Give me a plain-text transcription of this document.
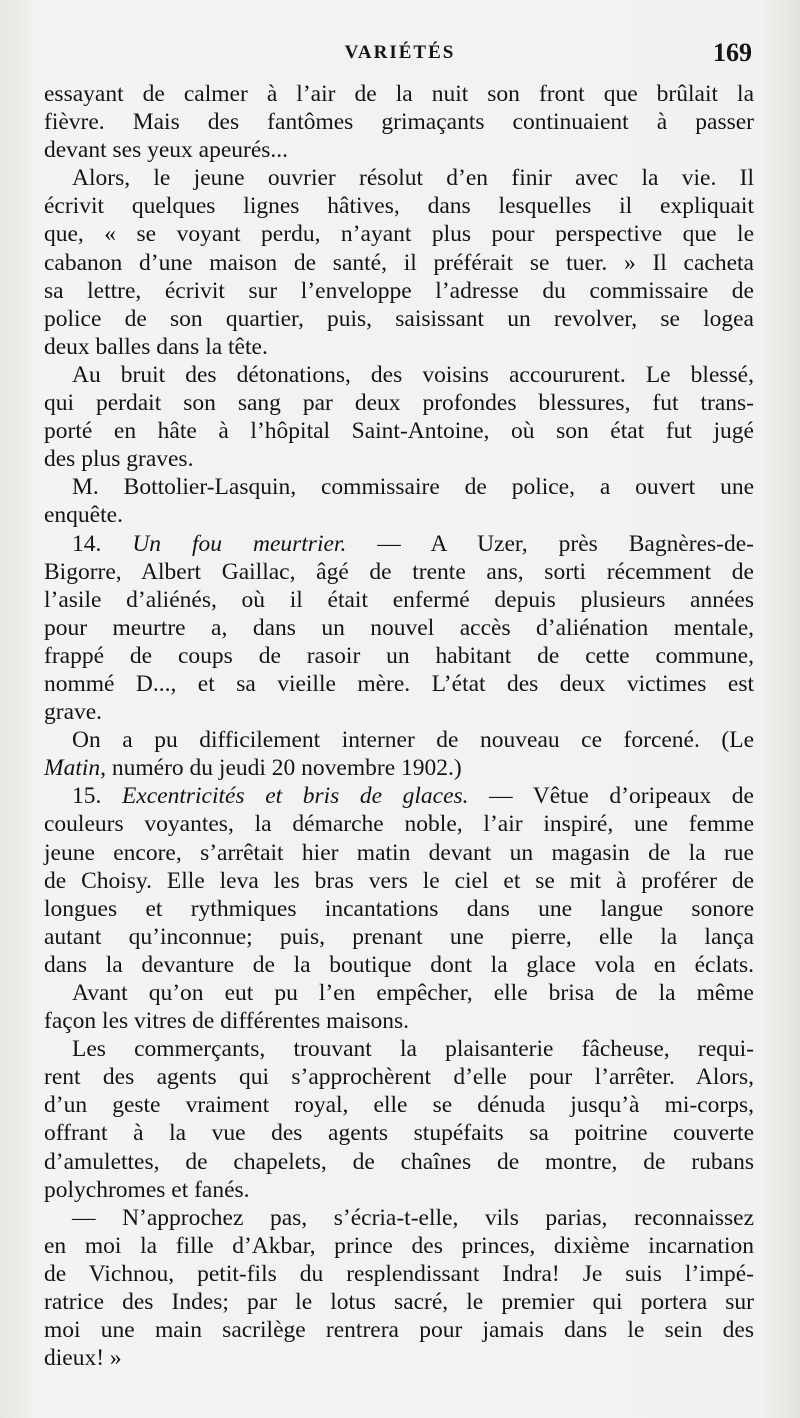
VARIÉTÉS	169
essayant de calmer à l’air de la nuit son front que brûlait la
fièvre. Mais des fantômes grimaçants continuaient à passer
devant ses yeux apeurés...
Alors, le jeune ouvrier résolut d’en finir avec la vie. Il
écrivit quelques lignes hâtives, dans lesquelles il expliquait
que, « se voyant perdu, n’ayant plus pour perspective que le
cabanon d’une maison de santé, il préférait se tuer. » Il cacheta
sa lettre, écrivit sur l’enveloppe l’adresse du commissaire de
police de son quartier, puis, saisissant un revolver, se logea
deux balles dans la tête.
Au bruit des détonations, des voisins accoururent. Le blessé,
qui perdait son sang par deux profondes blessures, fut trans-
porté en hâte à l’hôpital Saint-Antoine, où son état fut jugé
des plus graves.
M. Bottolier-Lasquin, commissaire de police, a ouvert une
enquête.
14. Un fou meurtrier. — A Uzer, près Bagnères-de-
Bigorre, Albert Gaillac, âgé de trente ans, sorti récemment de
l’asile d’aliénés, où il était enfermé depuis plusieurs années
pour meurtre a, dans un nouvel accès d’aliénation mentale,
frappé de coups de rasoir un habitant de cette commune,
nommé D..., et sa vieille mère. L’état des deux victimes est
grave.
On a pu difficilement interner de nouveau ce forcené. (Le
Matin, numéro du jeudi 20 novembre 1902.)
15. Excentricités et bris de glaces. — Vêtue d’oripeaux de
couleurs voyantes, la démarche noble, l’air inspiré, une femme
jeune encore, s’arrêtait hier matin devant un magasin de la rue
de Choisy. Elle leva les bras vers le ciel et se mit à proférer de
longues et rythmiques incantations dans une langue sonore
autant qu’inconnue; puis, prenant une pierre, elle la lança
dans la devanture de la boutique dont la glace vola en éclats.
Avant qu’on eut pu l’en empêcher, elle brisa de la même
façon les vitres de différentes maisons.
Les commerçants, trouvant la plaisanterie fâcheuse, requi-
rent des agents qui s’approchèrent d’elle pour l’arrêter. Alors,
d’un geste vraiment royal, elle se dénuda jusqu’à mi-corps,
offrant à la vue des agents stupéfaits sa poitrine couverte
d’amulettes, de chapelets, de chaînes de montre, de rubans
polychromes et fanés.
— N’approchez pas, s’écria-t-elle, vils parias, reconnaissez
en moi la fille d’Akbar, prince des princes, dixième incarnation
de Vichnou, petit-fils du resplendissant Indra! Je suis l’impé-
ratrice des Indes; par le lotus sacré, le premier qui portera sur
moi une main sacrilège rentrera pour jamais dans le sein des
dieux! »
